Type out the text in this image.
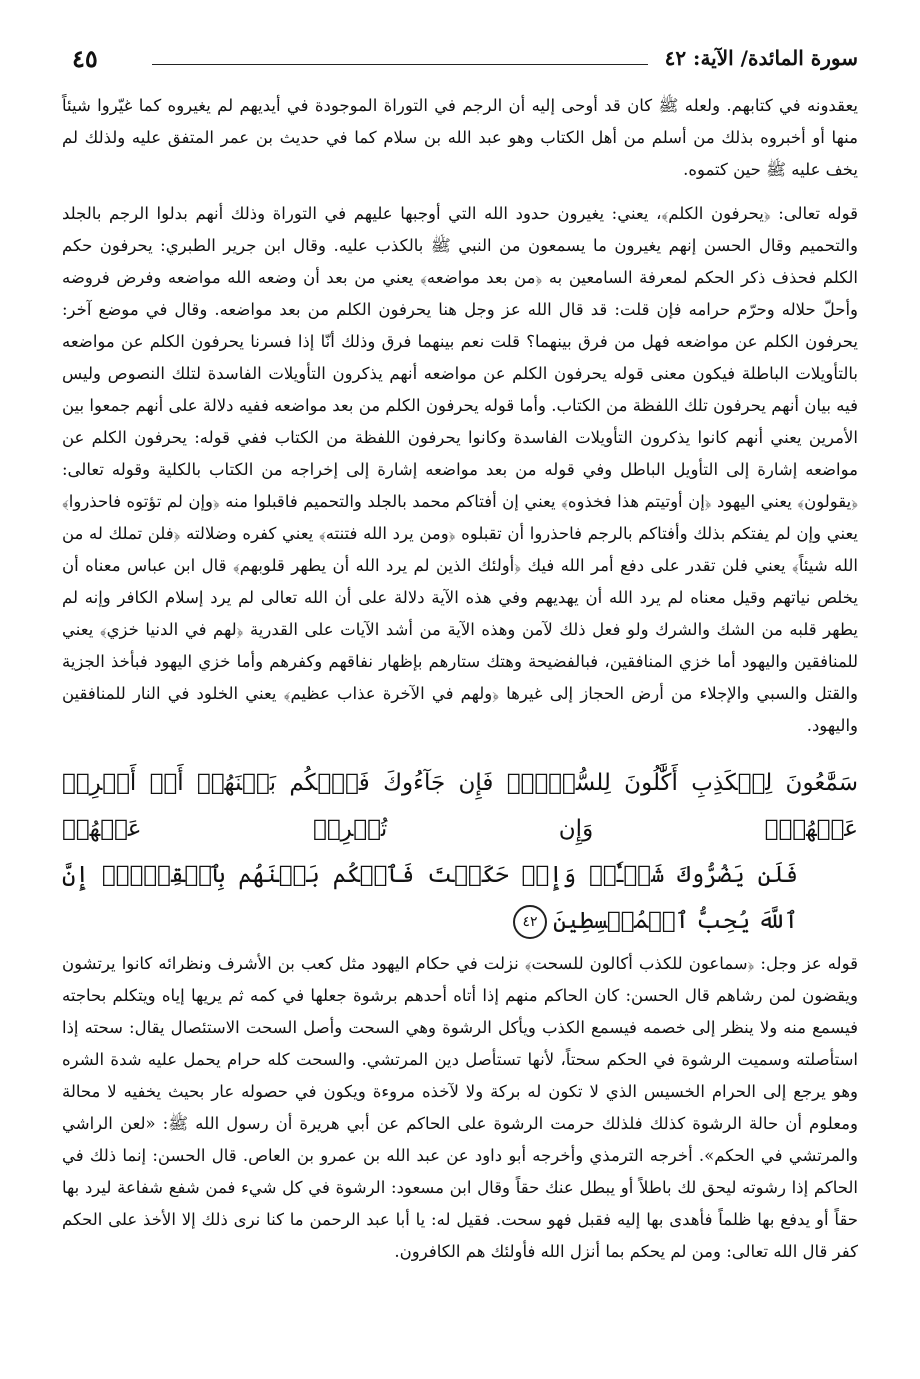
سورة المائدة/ الآية: ٤٢
٤٥

يعقدونه في كتابهم. ولعله ﷺ كان قد أوحى إليه أن الرجم في التوراة الموجودة في أيديهم لم يغيروه كما غيّروا شيئاً منها أو أخبروه بذلك من أسلم من أهل الكتاب وهو عبد الله بن سلام كما في حديث بن عمر المتفق عليه ولذلك لم يخف عليه ﷺ حين كتموه.

قوله تعالى: ﴿يحرفون الكلم﴾، يعني: يغيرون حدود الله التي أوجبها عليهم في التوراة وذلك أنهم بدلوا الرجم بالجلد والتحميم وقال الحسن إنهم يغيرون ما يسمعون من النبي ﷺ بالكذب عليه. وقال ابن جرير الطبري: يحرفون حكم الكلم فحذف ذكر الحكم لمعرفة السامعين به ﴿من بعد مواضعه﴾ يعني من بعد أن وضعه الله مواضعه وفرض فروضه وأحلّ حلاله وحرّم حرامه فإن قلت: قد قال الله عز وجل هنا يحرفون الكلم من بعد مواضعه. وقال في موضع آخر: يحرفون الكلم عن مواضعه فهل من فرق بينهما؟ قلت نعم بينهما فرق وذلك أنّا إذا فسرنا يحرفون الكلم عن مواضعه بالتأويلات الباطلة فيكون معنى قوله يحرفون الكلم عن مواضعه أنهم يذكرون التأويلات الفاسدة لتلك النصوص وليس فيه بيان أنهم يحرفون تلك اللفظة من الكتاب. وأما قوله يحرفون الكلم من بعد مواضعه ففيه دلالة على أنهم جمعوا بين الأمرين يعني أنهم كانوا يذكرون التأويلات الفاسدة وكانوا يحرفون اللفظة من الكتاب ففي قوله: يحرفون الكلم عن مواضعه إشارة إلى التأويل الباطل وفي قوله من بعد مواضعه إشارة إلى إخراجه من الكتاب بالكلية وقوله تعالى: ﴿يقولون﴾ يعني اليهود ﴿إن أوتيتم هذا فخذوه﴾ يعني إن أفتاكم محمد بالجلد والتحميم فاقبلوا منه ﴿وإن لم تؤتوه فاحذروا﴾ يعني وإن لم يفتكم بذلك وأفتاكم بالرجم فاحذروا أن تقبلوه ﴿ومن يرد الله فتنته﴾ يعني كفره وضلالته ﴿فلن تملك له من الله شيئاً﴾ يعني فلن تقدر على دفع أمر الله فيك ﴿أولئك الذين لم يرد الله أن يطهر قلوبهم﴾ قال ابن عباس معناه أن يخلص نياتهم وقيل معناه لم يرد الله أن يهديهم وفي هذه الآية دلالة على أن الله تعالى لم يرد إسلام الكافر وإنه لم يطهر قلبه من الشك والشرك ولو فعل ذلك لآمن وهذه الآية من أشد الآيات على القدرية ﴿لهم في الدنيا خزي﴾ يعني للمنافقين واليهود أما خزي المنافقين، فبالفضيحة وهتك ستارهم بإظهار نفاقهم وكفرهم وأما خزي اليهود فبأخذ الجزية والقتل والسبي والإجلاء من أرض الحجاز إلى غيرها ﴿ولهم في الآخرة عذاب عظيم﴾ يعني الخلود في النار للمنافقين واليهود.

سَمَّٰعُونَ لِلۡكَذِبِ أَكَّٰلُونَ لِلسُّحۡتِۚ فَإِن جَآءُوكَ فَٱحۡكُم بَيۡنَهُمۡ أَوۡ أَعۡرِضۡ عَنۡهُمۡۖ وَإِن تُعۡرِضۡ عَنۡهُمۡ
فَلَن يَضُرُّوكَ شَيۡـٔٗاۖ وَإِنۡ حَكَمۡتَ فَٱحۡكُم بَيۡنَهُم بِٱلۡقِسۡطِۚ إِنَّ ٱللَّهَ يُحِبُّ ٱلۡمُقۡسِطِينَ٤٢

قوله عز وجل: ﴿سماعون للكذب أكالون للسحت﴾ نزلت في حكام اليهود مثل كعب بن الأشرف ونظرائه كانوا يرتشون ويقضون لمن رشاهم قال الحسن: كان الحاكم منهم إذا أتاه أحدهم برشوة جعلها في كمه ثم يريها إياه ويتكلم بحاجته فيسمع منه ولا ينظر إلى خصمه فيسمع الكذب ويأكل الرشوة وهي السحت وأصل السحت الاستئصال يقال: سحته إذا استأصلته وسميت الرشوة في الحكم سحتاً، لأنها تستأصل دين المرتشي. والسحت كله حرام يحمل عليه شدة الشره وهو يرجع إلى الحرام الخسيس الذي لا تكون له بركة ولا لآخذه مروءة ويكون في حصوله عار بحيث يخفيه لا محالة ومعلوم أن حالة الرشوة كذلك فلذلك حرمت الرشوة على الحاكم عن أبي هريرة أن رسول الله ﷺ: «لعن الراشي والمرتشي في الحكم». أخرجه الترمذي وأخرجه أبو داود عن عبد الله بن عمرو بن العاص. قال الحسن: إنما ذلك في الحاكم إذا رشوته ليحق لك باطلاً أو يبطل عنك حقاً وقال ابن مسعود: الرشوة في كل شيء فمن شفع شفاعة ليرد بها حقاً أو يدفع بها ظلماً فأهدى بها إليه فقبل فهو سحت. فقيل له: يا أبا عبد الرحمن ما كنا نرى ذلك إلا الأخذ على الحكم كفر قال الله تعالى: ومن لم يحكم بما أنزل الله فأولئك هم الكافرون.
